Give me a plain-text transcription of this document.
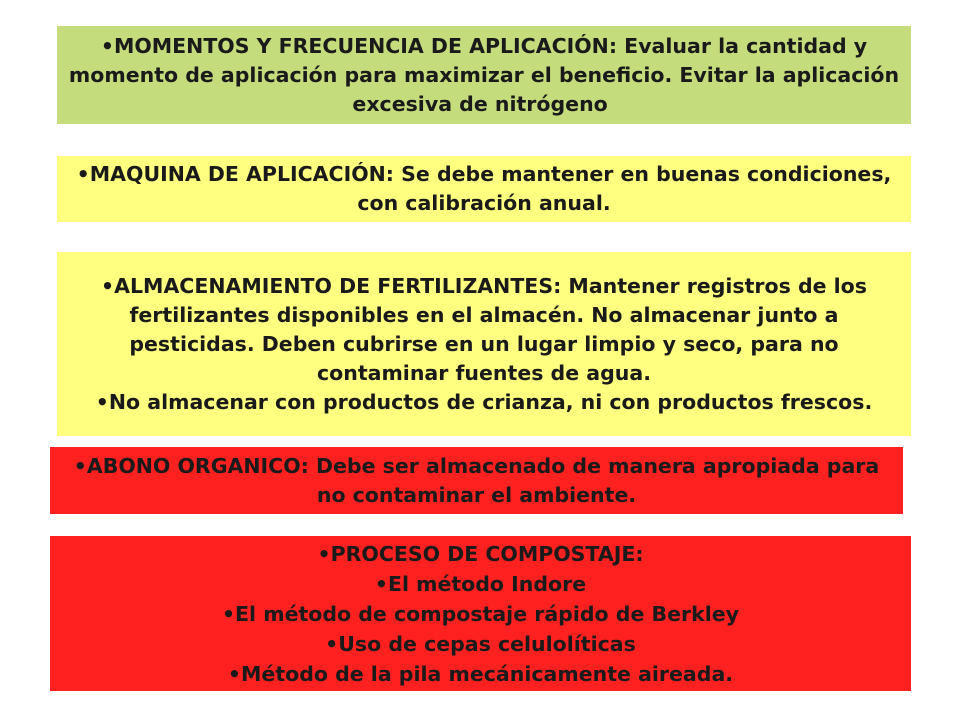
•MOMENTOS Y FRECUENCIA DE APLICACIÓN: Evaluar la cantidad y momento de aplicación para maximizar el beneficio. Evitar la aplicación excesiva de nitrógeno

•MAQUINA DE APLICACIÓN: Se debe mantener en buenas condiciones, con calibración anual.

•ALMACENAMIENTO DE FERTILIZANTES: Mantener registros de los fertilizantes disponibles en el almacén. No almacenar junto a pesticidas. Deben cubrirse en un lugar limpio y seco, para no contaminar fuentes de agua.

•No almacenar con productos de crianza, ni con productos frescos.

•ABONO ORGANICO: Debe ser almacenado de manera apropiada para no contaminar el ambiente.

•PROCESO DE COMPOSTAJE:

•El método Indore

•El método de compostaje rápido de Berkley

•Uso de cepas celulolíticas

•Método de la pila mecánicamente aireada.
